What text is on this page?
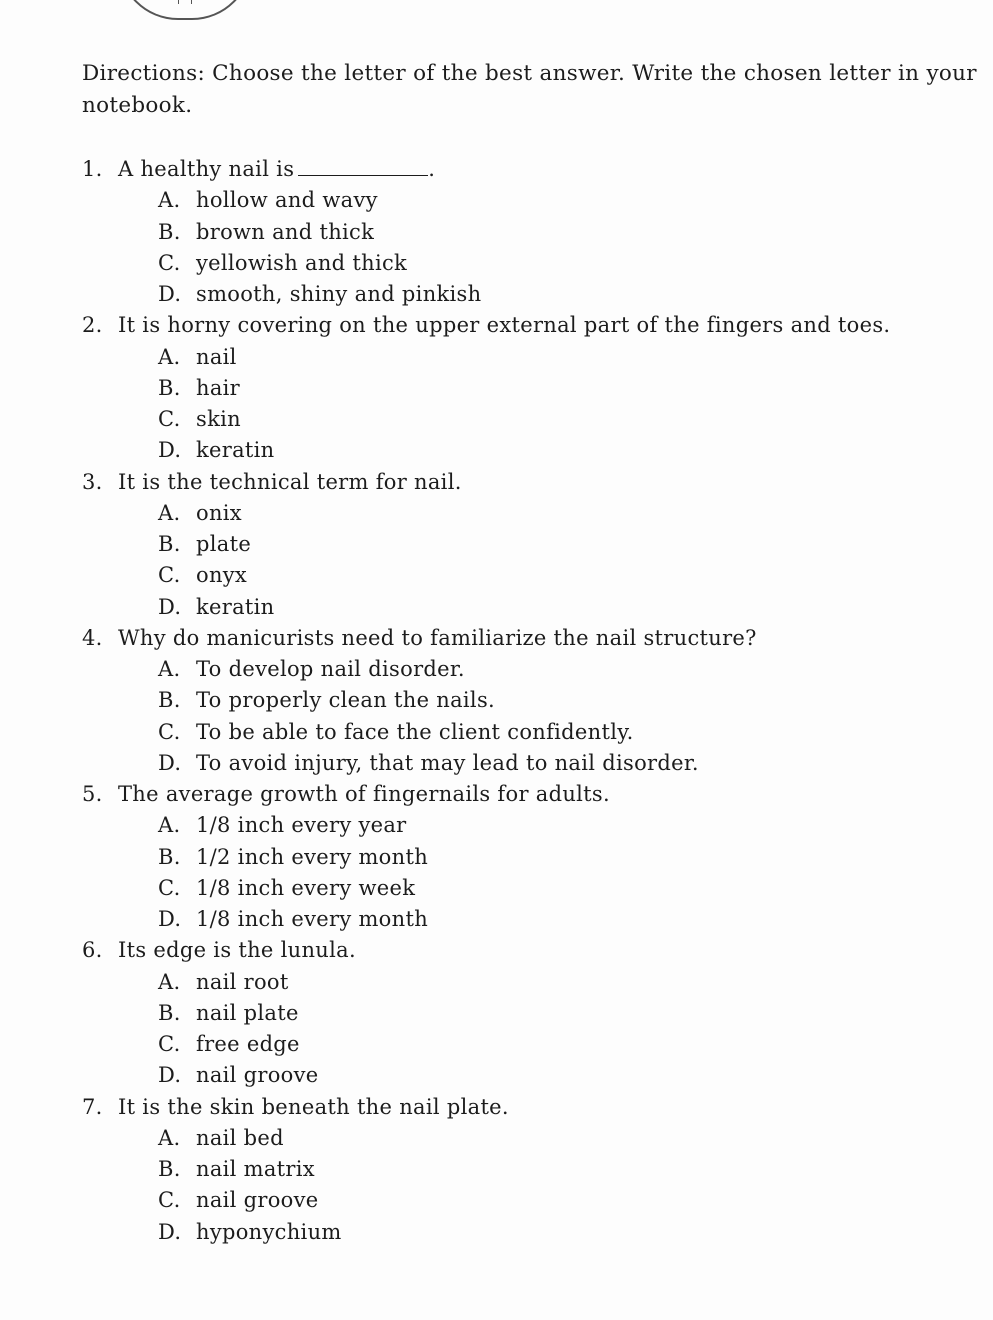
Directions: Choose the letter of the best answer. Write the chosen letter in your notebook.
1. A healthy nail is	.
A. hollow and wavy
B. brown and thick
C. yellowish and thick
D. smooth, shiny and pinkish
2. It is horny covering on the upper external part of the fingers and toes.
A. nail
B. hair
C. skin
D. keratin
3. It is the technical term for nail.
A. onix
B. plate
C. onyx
D. keratin
4. Why do manicurists need to familiarize the nail structure?
A. To develop nail disorder.
B. To properly clean the nails.
C. To be able to face the client confidently.
D. To avoid injury, that may lead to nail disorder.
5. The average growth of fingernails for adults.
A. 1/8 inch every year
B. 1/2 inch every month
C. 1/8 inch every week
D. 1/8 inch every month
6. Its edge is the lunula.
A. nail root
B. nail plate
C. free edge
D. nail groove
7. It is the skin beneath the nail plate.
A. nail bed
B. nail matrix
C. nail groove
D. hyponychium
